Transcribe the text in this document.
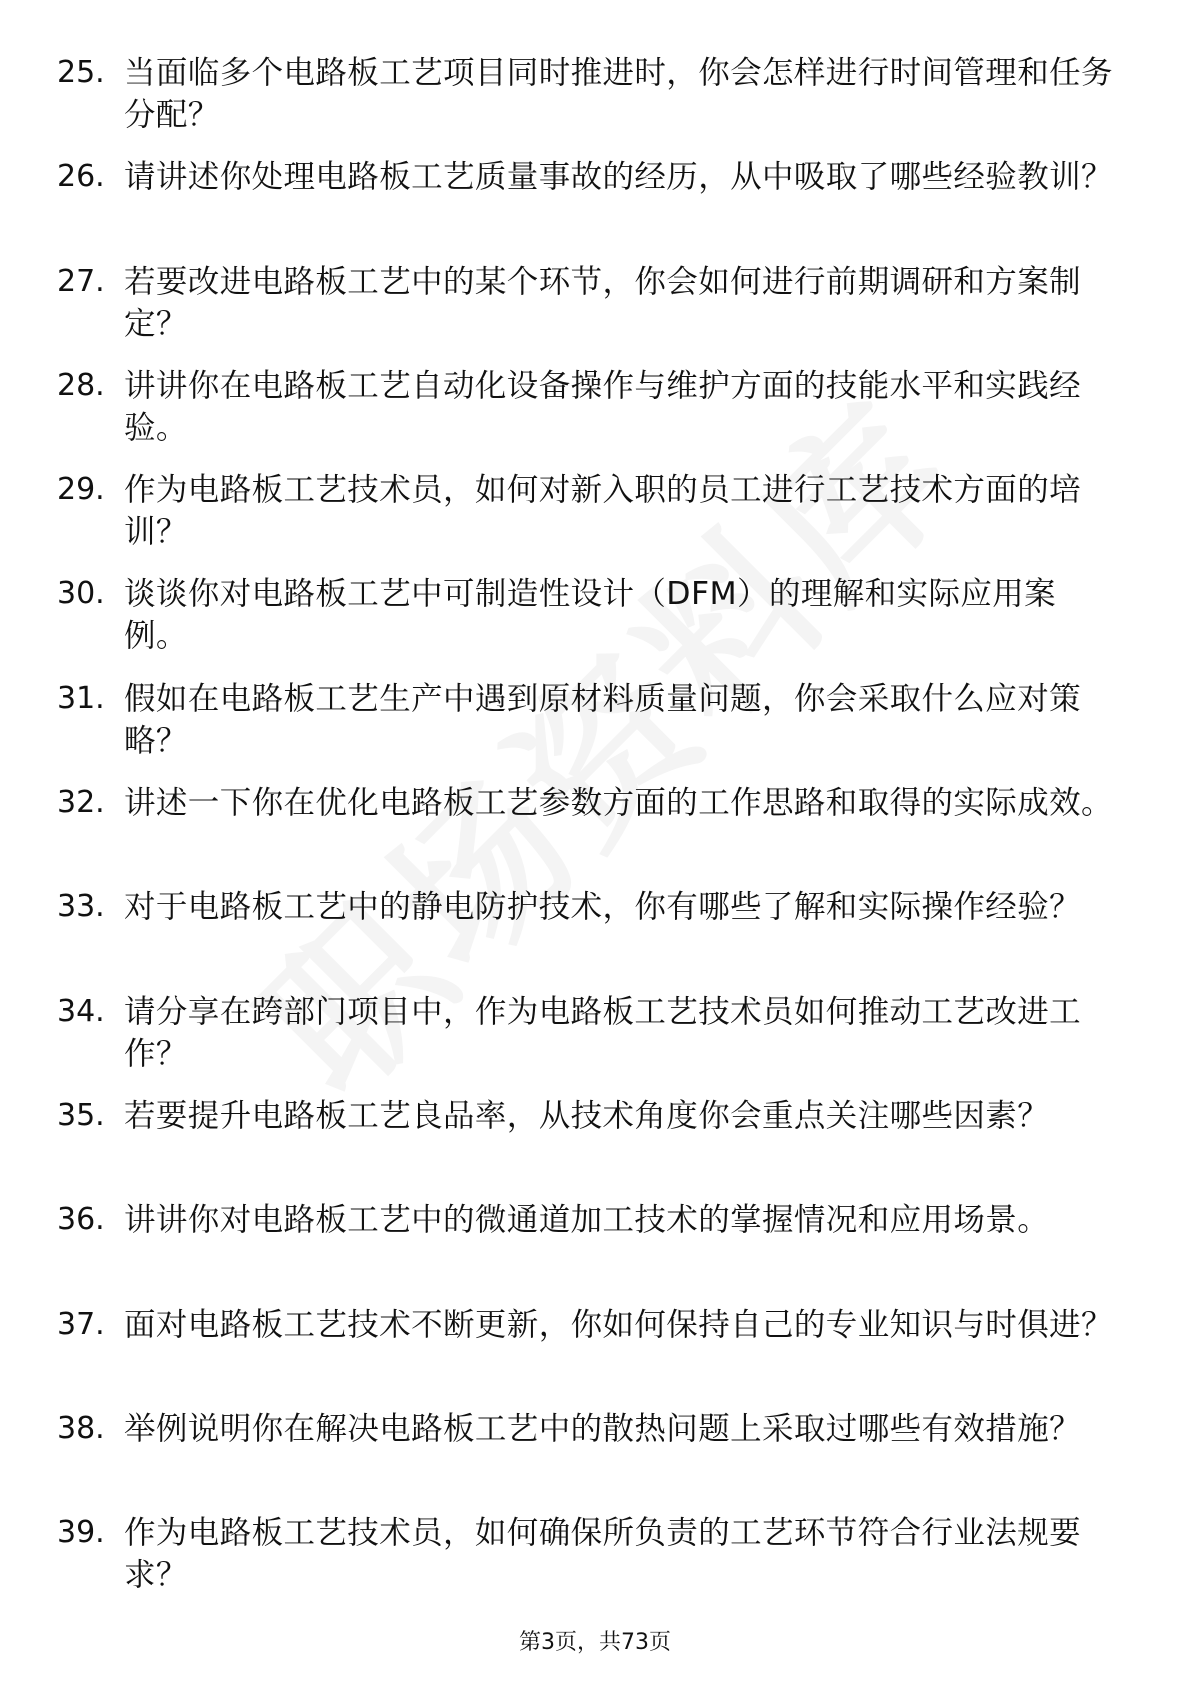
25. 当面临多个电路板工艺项目同时推进时，你会怎样进行时间管理和任务分配？
26. 请讲述你处理电路板工艺质量事故的经历，从中吸取了哪些经验教训？
27. 若要改进电路板工艺中的某个环节，你会如何进行前期调研和方案制定？
28. 讲讲你在电路板工艺自动化设备操作与维护方面的技能水平和实践经验。
29. 作为电路板工艺技术员，如何对新入职的员工进行工艺技术方面的培训？
30. 谈谈你对电路板工艺中可制造性设计（DFM）的理解和实际应用案例。
31. 假如在电路板工艺生产中遇到原材料质量问题，你会采取什么应对策略？
32. 讲述一下你在优化电路板工艺参数方面的工作思路和取得的实际成效。
33. 对于电路板工艺中的静电防护技术，你有哪些了解和实际操作经验？
34. 请分享在跨部门项目中，作为电路板工艺技术员如何推动工艺改进工作？
35. 若要提升电路板工艺良品率，从技术角度你会重点关注哪些因素？
36. 讲讲你对电路板工艺中的微通道加工技术的掌握情况和应用场景。
37. 面对电路板工艺技术不断更新，你如何保持自己的专业知识与时俱进？
38. 举例说明你在解决电路板工艺中的散热问题上采取过哪些有效措施？
39. 作为电路板工艺技术员，如何确保所负责的工艺环节符合行业法规要求？
第3页，共73页
